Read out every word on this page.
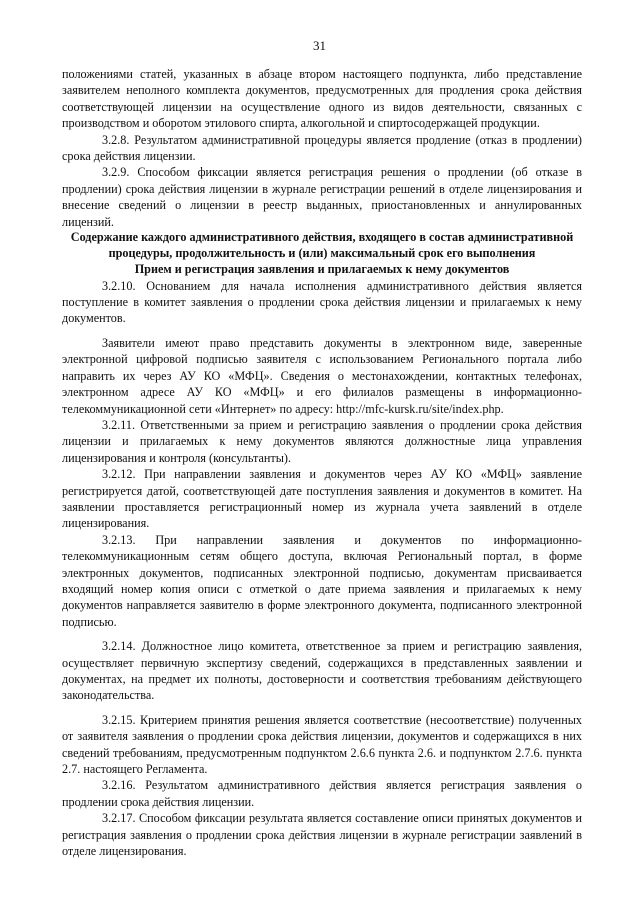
31

положениями статей, указанных в абзаце втором настоящего подпункта, либо представление заявителем неполного комплекта документов, предусмотренных для продления срока действия соответствующей лицензии на осуществление одного из видов деятельности, связанных с производством и оборотом этилового спирта, алкогольной и спиртосодержащей продукции.

3.2.8. Результатом административной процедуры является продление (отказ в продлении) срока действия лицензии.

3.2.9. Способом фиксации является регистрация решения о продлении (об отказе в продлении) срока действия лицензии в журнале регистрации решений в отделе лицензирования и внесение сведений о лицензии в реестр выданных, приостановленных и аннулированных лицензий.

Содержание каждого административного действия, входящего в состав административной процедуры, продолжительность и (или) максимальный срок его выполнения

Прием и регистрация заявления и прилагаемых к нему документов

3.2.10. Основанием для начала исполнения административного действия является поступление в комитет заявления о продлении срока действия лицензии и прилагаемых к нему документов.

Заявители имеют право представить документы в электронном виде, заверенные электронной цифровой подписью заявителя с использованием Регионального портала либо направить их через АУ КО «МФЦ». Сведения о местонахождении, контактных телефонах, электронном адресе АУ КО «МФЦ» и его филиалов размещены в информационно-телекоммуникационной сети «Интернет» по адресу: http://mfc-kursk.ru/site/index.php.

3.2.11. Ответственными за прием и регистрацию заявления о продлении срока действия лицензии и прилагаемых к нему документов являются должностные лица управления лицензирования и контроля (консультанты).

3.2.12. При направлении заявления и документов через АУ КО «МФЦ» заявление регистрируется датой, соответствующей дате поступления заявления и документов в комитет. На заявлении проставляется регистрационный номер из журнала учета заявлений в отделе лицензирования.

3.2.13. При направлении заявления и документов по информационно-телекоммуникационным сетям общего доступа, включая Региональный портал, в форме электронных документов, подписанных электронной подписью, документам присваивается входящий номер копия описи с отметкой о дате приема заявления и прилагаемых к нему документов направляется заявителю в форме электронного документа, подписанного электронной подписью.

3.2.14. Должностное лицо комитета, ответственное за прием и регистрацию заявления, осуществляет первичную экспертизу сведений, содержащихся в представленных заявлении и документах, на предмет их полноты, достоверности и соответствия требованиям действующего законодательства.

3.2.15. Критерием принятия решения является соответствие (несоответствие) полученных от заявителя заявления о продлении срока действия лицензии, документов и содержащихся в них сведений требованиям, предусмотренным подпунктом 2.6.6 пункта 2.6. и подпунктом 2.7.6. пункта 2.7. настоящего Регламента.

3.2.16. Результатом административного действия является регистрация заявления о продлении срока действия лицензии.

3.2.17. Способом фиксации результата является составление описи принятых документов и регистрация заявления о продлении срока действия лицензии в журнале регистрации заявлений в отделе лицензирования.
